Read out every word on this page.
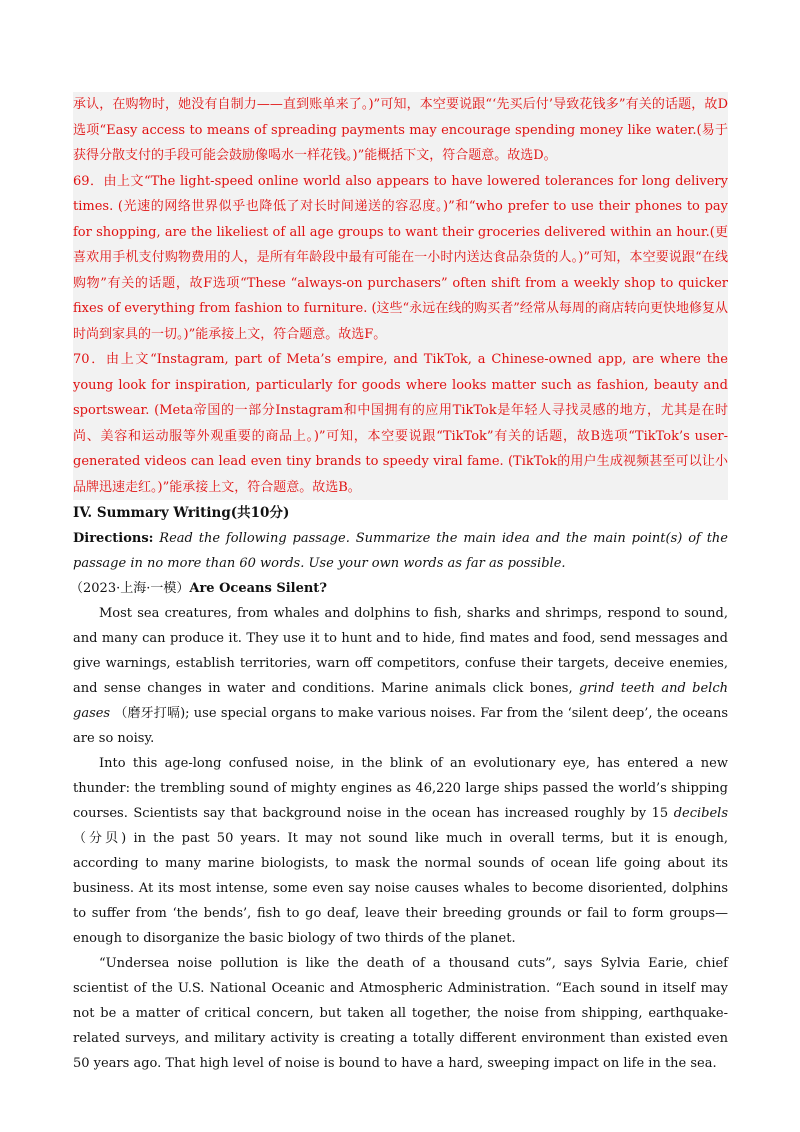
承认，在购物时，她没有自制力——直到账单来了。)”可知，本空要说跟“‘先买后付’导致花钱多”有关的话题，故D选项“Easy access to means of spreading payments may encourage spending money like water.(易于获得分散支付的手段可能会鼓励像喝水一样花钱。)”能概括下文，符合题意。故选D。

69．由上文“The light-speed online world also appears to have lowered tolerances for long delivery times. (光速的网络世界似乎也降低了对长时间递送的容忍度。)”和“who prefer to use their phones to pay for shopping, are the likeliest of all age groups to want their groceries delivered within an hour.(更喜欢用手机支付购物费用的人，是所有年龄段中最有可能在一小时内送达食品杂货的人。)”可知，本空要说跟“在线购物”有关的话题，故F选项“These “always-on purchasers” often shift from a weekly shop to quicker fixes of everything from fashion to furniture. (这些“永远在线的购买者”经常从每周的商店转向更快地修复从时尚到家具的一切。)”能承接上文，符合题意。故选F。

70．由上文“Instagram, part of Meta’s empire, and TikTok, a Chinese-owned app, are where the young look for inspiration, particularly for goods where looks matter such as fashion, beauty and sportswear. (Meta帝国的一部分Instagram和中国拥有的应用TikTok是年轻人寻找灵感的地方，尤其是在时尚、美容和运动服等外观重要的商品上。)”可知，本空要说跟“TikTok”有关的话题，故B选项“TikTok’s user-generated videos can lead even tiny brands to speedy viral fame. (TikTok的用户生成视频甚至可以让小品牌迅速走红。)”能承接上文，符合题意。故选B。

IV. Summary Writing(共10分)

Directions: Read the following passage. Summarize the main idea and the main point(s) of the passage in no more than 60 words. Use your own words as far as possible.

（2023·上海·一模）Are Oceans Silent?

Most sea creatures, from whales and dolphins to fish, sharks and shrimps, respond to sound, and many can produce it. They use it to hunt and to hide, find mates and food, send messages and give warnings, establish territories, warn off competitors, confuse their targets, deceive enemies, and sense changes in water and conditions. Marine animals click bones, grind teeth and belch gases （磨牙打嗝); use special organs to make various noises. Far from the ‘silent deep’, the oceans are so noisy.

Into this age-long confused noise, in the blink of an evolutionary eye, has entered a new thunder: the trembling sound of mighty engines as 46,220 large ships passed the world’s shipping courses. Scientists say that background noise in the ocean has increased roughly by 15 decibels （分贝) in the past 50 years. It may not sound like much in overall terms, but it is enough, according to many marine biologists, to mask the normal sounds of ocean life going about its business. At its most intense, some even say noise causes whales to become disoriented, dolphins to suffer from ‘the bends’, fish to go deaf, leave their breeding grounds or fail to form groups—enough to disorganize the basic biology of two thirds of the planet.

“Undersea noise pollution is like the death of a thousand cuts”, says Sylvia Earie, chief scientist of the U.S. National Oceanic and Atmospheric Administration. “Each sound in itself may not be a matter of critical concern, but taken all together, the noise from shipping, earthquake-related surveys, and military activity is creating a totally different environment than existed even 50 years ago. That high level of noise is bound to have a hard, sweeping impact on life in the sea.
